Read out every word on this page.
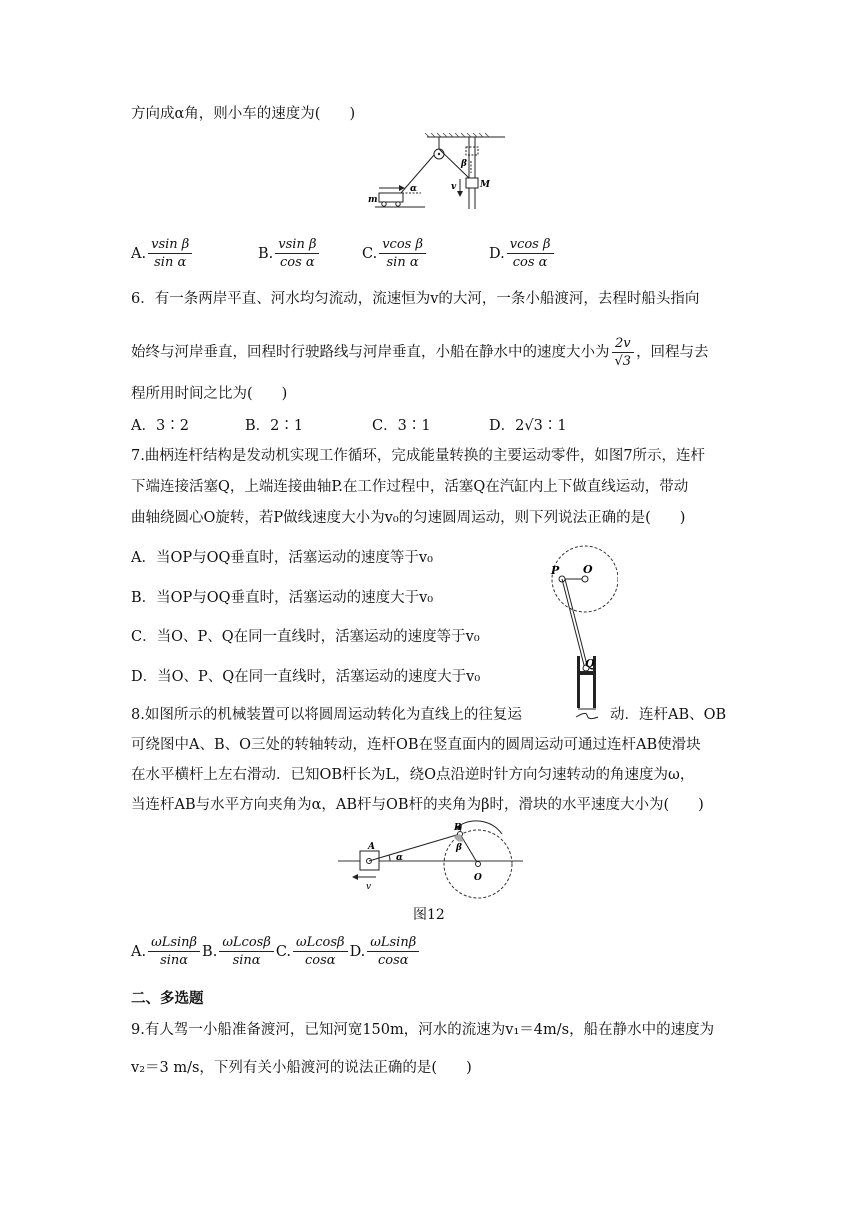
方向成α角，则小车的速度为(　　)
M
β
v
m
α
A. $\frac{\text{vsin β}}{\text{sin α}}$	B. $\frac{\text{vsin β}}{\text{cos α}}$	C. $\frac{\text{vcos β}}{\text{sin α}}$	D. $\frac{\text{vcos β}}{\text{cos α}}$
6．有一条两岸平直、河水均匀流动，流速恒为v的大河，一条小船渡河，去程时船头指向
始终与河岸垂直，回程时行驶路线与河岸垂直，小船在静水中的速度大小为 $\frac{2v}{√3}$ ，回程与去
程所用时间之比为(　　)
A．3∶2	B．2∶1	C．3∶1	D．2√3∶1
7.曲柄连杆结构是发动机实现工作循环，完成能量转换的主要运动零件，如图7所示，连杆
下端连接活塞Q，上端连接曲轴P.在工作过程中，活塞Q在汽缸内上下做直线运动，带动
曲轴绕圆心O旋转，若P做线速度大小为v₀的匀速圆周运动，则下列说法正确的是(　　)
A．当OP与OQ垂直时，活塞运动的速度等于v₀
B．当OP与OQ垂直时，活塞运动的速度大于v₀
C．当O、P、Q在同一直线时，活塞运动的速度等于v₀
D．当O、P、Q在同一直线时，活塞运动的速度大于v₀
P O
Q
8.如图所示的机械装置可以将圆周运动转化为直线上的往复运	动．连杆AB、OB
可绕图中A、B、O三处的转轴转动，连杆OB在竖直面内的圆周运动可通过连杆AB使滑块
在水平横杆上左右滑动．已知OB杆长为L，绕O点沿逆时针方向匀速转动的角速度为ω，
当连杆AB与水平方向夹角为α，AB杆与OB杆的夹角为β时，滑块的水平速度大小为(　　)
A
B
β
α
O
v
图12
A. $\frac{\omega Lsin\beta}{\sin\alpha} B$. $\frac{\omega Lcos\beta}{\sin\alpha} C$. $\frac{\omega Lcos\beta}{\cos\alpha} D$. $\frac{\omega Lsin\beta}{\cos\alpha}$
二、多选题
9.有人驾一小船准备渡河，已知河宽150m，河水的流速为v₁＝4m/s，船在静水中的速度为
v₂＝3 m/s，下列有关小船渡河的说法正确的是(　　)
